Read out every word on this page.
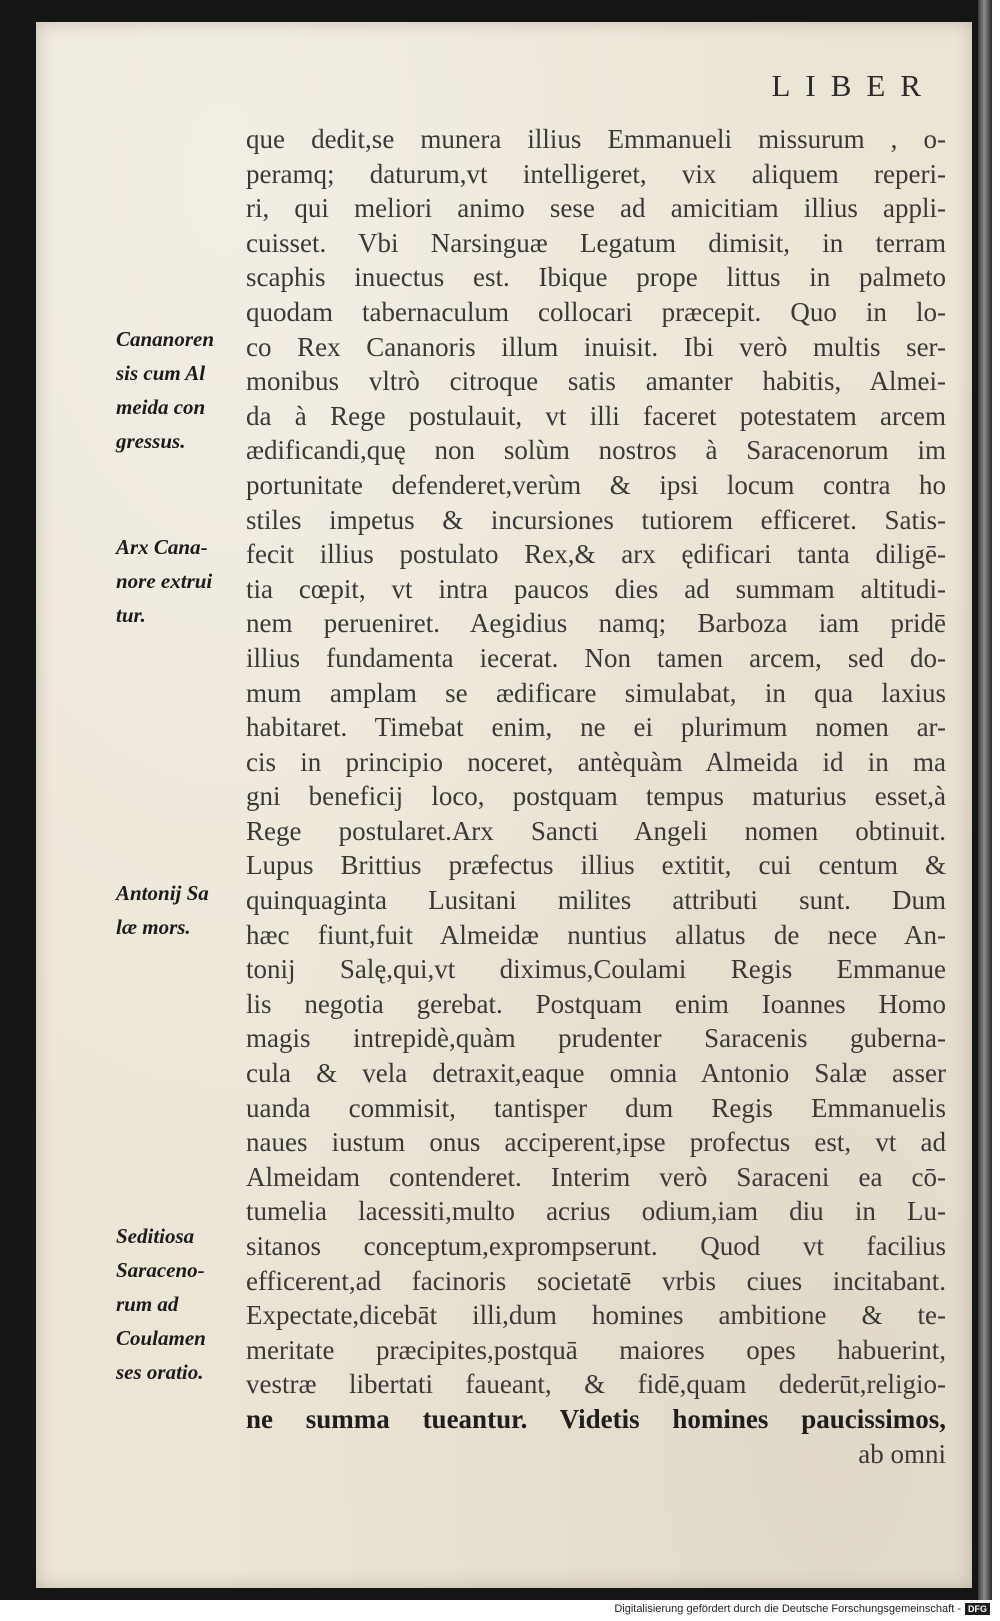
LIBER
que dedit,se munera illius Emmanueli missurum , o-
peramq; daturum,vt intelligeret, vix aliquem reperi-
ri, qui meliori animo sese ad amicitiam illius appli-
cuisset. Vbi Narsinguæ Legatum dimisit, in terram
scaphis inuectus est. Ibique prope littus in palmeto
quodam tabernaculum collocari præcepit. Quo in lo-
co Rex Cananoris illum inuisit. Ibi verò multis ser-
monibus vltrò citroque satis amanter habitis, Almei-
da à Rege postulauit, vt illi faceret potestatem arcem
ædificandi,quę non solùm nostros à Saracenorum im
portunitate defenderet,verùm & ipsi locum contra ho
stiles impetus & incursiones tutiorem efficeret. Satis-
fecit illius postulato Rex,& arx ędificari tanta diligē-
tia cœpit, vt intra paucos dies ad summam altitudi-
nem perueniret. Aegidius namq; Barboza iam pridē
illius fundamenta iecerat. Non tamen arcem, sed do-
mum amplam se ædificare simulabat, in qua laxius
habitaret. Timebat enim, ne ei plurimum nomen ar-
cis in principio noceret, antèquàm Almeida id in ma
gni beneficij loco, postquam tempus maturius esset,à
Rege postularet.Arx Sancti Angeli nomen obtinuit.
Lupus Brittius præfectus illius extitit, cui centum &
quinquaginta Lusitani milites attributi sunt. Dum
hæc fiunt,fuit Almeidæ nuntius allatus de nece An-
tonij Salę,qui,vt diximus,Coulami Regis Emmanue
lis negotia gerebat. Postquam enim Ioannes Homo
magis intrepidè,quàm prudenter Saracenis guberna-
cula & vela detraxit,eaque omnia Antonio Salæ asser
uanda commisit, tantisper dum Regis Emmanuelis
naues iustum onus acciperent,ipse profectus est, vt ad
Almeidam contenderet. Interim verò Saraceni ea cō-
tumelia lacessiti,multo acrius odium,iam diu in Lu-
sitanos conceptum,exprompserunt. Quod vt facilius
efficerent,ad facinoris societatē vrbis ciues incitabant.
Expectate,dicebāt illi,dum homines ambitione & te-
meritate præcipites,postquā maiores opes habuerint,
vestræ libertati faueant, & fidē,quam dederūt,religio-
ne summa tueantur. Videtis homines paucissimos,
ab omni
Cananoren
sis cum Al
meida con
gressus.
Arx Cana-
nore extrui
tur.
Antonij Sa
læ mors.
Seditiosa
Saraceno-
rum ad
Coulamen
ses oratio.
Digitalisierung gefördert durch die Deutsche Forschungsgemeinschaft - DFG
